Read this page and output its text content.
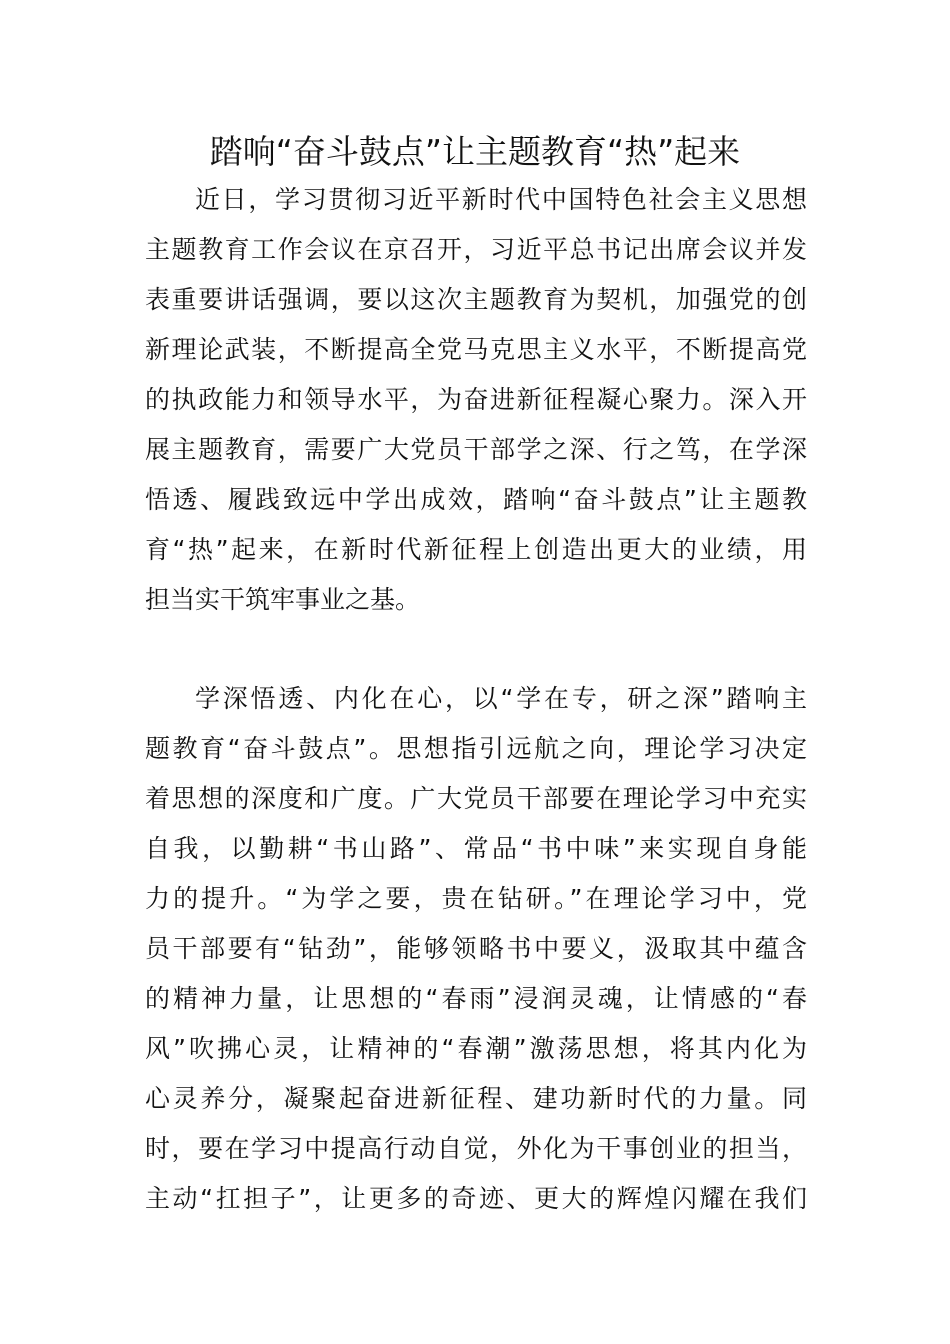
踏响“奋斗鼓点”让主题教育“热”起来

近日，学习贯彻习近平新时代中国特色社会主义思想

主题教育工作会议在京召开，习近平总书记出席会议并发

表重要讲话强调，要以这次主题教育为契机，加强党的创

新理论武装，不断提高全党马克思主义水平，不断提高党

的执政能力和领导水平，为奋进新征程凝心聚力。深入开

展主题教育，需要广大党员干部学之深、行之笃，在学深

悟透、履践致远中学出成效，踏响“奋斗鼓点”让主题教

育“热”起来，在新时代新征程上创造出更大的业绩，用

担当实干筑牢事业之基。

学深悟透、内化在心，以“学在专，研之深”踏响主

题教育“奋斗鼓点”。思想指引远航之向，理论学习决定

着思想的深度和广度。广大党员干部要在理论学习中充实

自我，以勤耕“书山路”、常品“书中味”来实现自身能

力的提升。“为学之要，贵在钻研。”在理论学习中，党

员干部要有“钻劲”，能够领略书中要义，汲取其中蕴含

的精神力量，让思想的“春雨”浸润灵魂，让情感的“春

风”吹拂心灵，让精神的“春潮”激荡思想，将其内化为

心灵养分，凝聚起奋进新征程、建功新时代的力量。同

时，要在学习中提高行动自觉，外化为干事创业的担当，

主动“扛担子”，让更多的奇迹、更大的辉煌闪耀在我们
